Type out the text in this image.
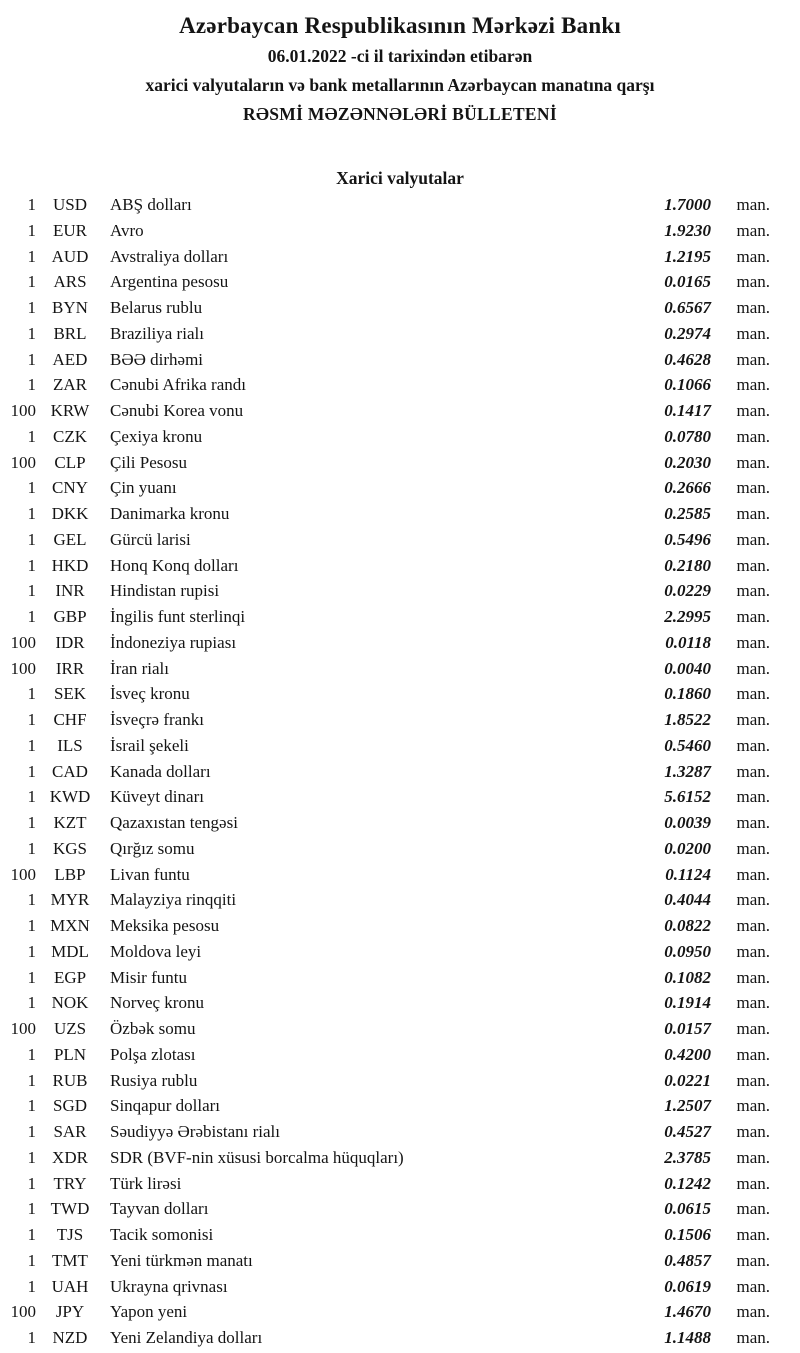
Azərbaycan Respublikasının Mərkəzi Bankı
06.01.2022 -ci il tarixindən etibarən
xarici valyutaların və bank metallarının Azərbaycan manatına qarşı
RƏSMİ MƏZƏNNƏLƏRİ BÜLLETENİ
Xarici valyutalar
1 USD	ABŞ dolları	1.7000	man.
1	EUR	Avro	1.9230	man.
1 AUD	Avstraliya dolları	1.2195	man.
1	ARS	Argentina pesosu	0.0165	man.
1 BYN	Belarus rublu	0.6567	man.
1	BRL	Braziliya rialı	0.2974	man.
1 AED	BƏƏ dirhəmi	0.4628	man.
1	ZAR	Cənubi Afrika randı	0.1066	man.
100 KRW	Cənubi Korea vonu	0.1417	man.
1	CZK	Çexiya kronu	0.0780	man.
100	CLP	Çili Pesosu	0.2030	man.
1 CNY	Çin yuanı	0.2666	man.
1 DKK	Danimarka kronu	0.2585	man.
1	GEL	Gürcü larisi	0.5496	man.
1 HKD	Honq Konq dolları	0.2180	man.
1	INR	Hindistan rupisi	0.0229	man.
1	GBP	İngilis funt sterlinqi	2.2995	man.
100	IDR	İndoneziya rupiası	0.0118	man.
100	IRR	İran rialı	0.0040	man.
1	SEK	İsveç kronu	0.1860	man.
1	CHF	İsveçrə frankı	1.8522	man.
1	ILS	İsrail şekeli	0.5460	man.
1 CAD	Kanada dolları	1.3287	man.
1 KWD	Küveyt dinarı	5.6152	man.
1	KZT	Qazaxıstan tengəsi	0.0039	man.
1 KGS	Qırğız somu	0.0200	man.
100	LBP	Livan funtu	0.1124	man.
1 MYR	Malayziya rinqqiti	0.4044	man.
1 MXN	Meksika pesosu	0.0822	man.
1 MDL	Moldova leyi	0.0950	man.
1	EGP	Misir funtu	0.1082	man.
1 NOK	Norveç kronu	0.1914	man.
100	UZS	Özbək somu	0.0157	man.
1	PLN	Polşa zlotası	0.4200	man.
1 RUB	Rusiya rublu	0.0221	man.
1 SGD	Sinqapur dolları	1.2507	man.
1	SAR	Səudiyyə Ərəbistanı rialı	0.4527	man.
1 XDR	SDR (BVF-nin xüsusi borcalma hüquqları)	2.3785	man.
1	TRY	Türk lirəsi	0.1242	man.
1 TWD	Tayvan dolları	0.0615	man.
1	TJS	Tacik somonisi	0.1506	man.
1 TMT	Yeni türkmən manatı	0.4857	man.
1 UAH	Ukrayna qrivnası	0.0619	man.
100	JPY	Yapon yeni	1.4670	man.
1 NZD	Yeni Zelandiya dolları	1.1488	man.
